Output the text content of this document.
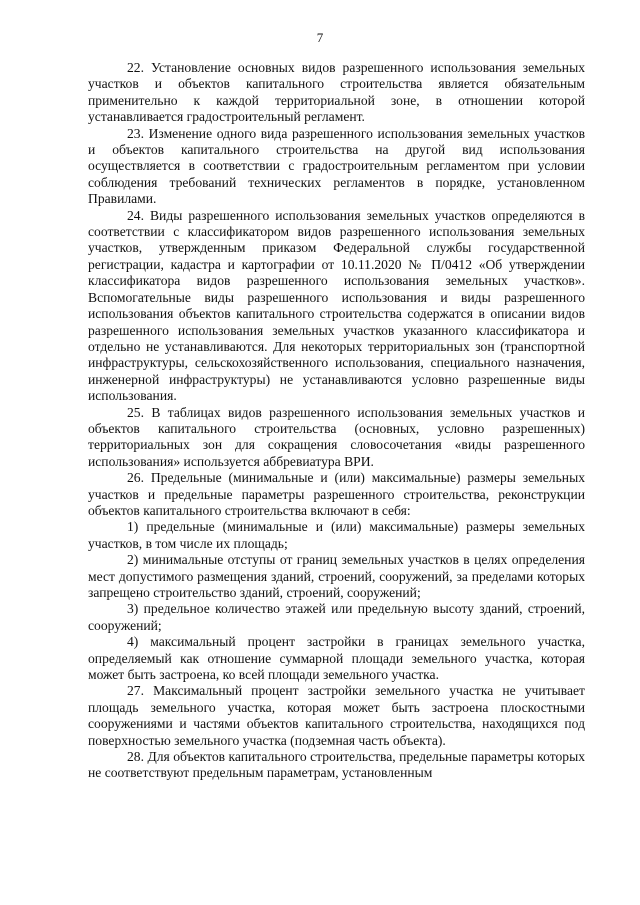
7

22. Установление основных видов разрешенного использования земельных участков и объектов капитального строительства является обязательным применительно к каждой территориальной зоне, в отношении которой устанавливается градостроительный регламент.

23. Изменение одного вида разрешенного использования земельных участков и объектов капитального строительства на другой вид использования осуществляется в соответствии с градостроительным регламентом при условии соблюдения требований технических регламентов в порядке, установленном Правилами.

24. Виды разрешенного использования земельных участков определяются в соответствии с классификатором видов разрешенного использования земельных участков, утвержденным приказом Федеральной службы государственной регистрации, кадастра и картографии от 10.11.2020 № П/0412 «Об утверждении классификатора видов разрешенного использования земельных участков». Вспомогательные виды разрешенного использования и виды разрешенного использования объектов капитального строительства содержатся в описании видов разрешенного использования земельных участков указанного классификатора и отдельно не устанавливаются. Для некоторых территориальных зон (транспортной инфраструктуры, сельскохозяйственного использования, специального назначения, инженерной инфраструктуры) не устанавливаются условно разрешенные виды использования.

25. В таблицах видов разрешенного использования земельных участков и объектов капитального строительства (основных, условно разрешенных) территориальных зон для сокращения словосочетания «виды разрешенного использования» используется аббревиатура ВРИ.

26. Предельные (минимальные и (или) максимальные) размеры земельных участков и предельные параметры разрешенного строительства, реконструкции объектов капитального строительства включают в себя:

1) предельные (минимальные и (или) максимальные) размеры земельных участков, в том числе их площадь;

2) минимальные отступы от границ земельных участков в целях определения мест допустимого размещения зданий, строений, сооружений, за пределами которых запрещено строительство зданий, строений, сооружений;

3) предельное количество этажей или предельную высоту зданий, строений, сооружений;

4) максимальный процент застройки в границах земельного участка, определяемый как отношение суммарной площади земельного участка, которая может быть застроена, ко всей площади земельного участка.

27. Максимальный процент застройки земельного участка не учитывает площадь земельного участка, которая может быть застроена плоскостными сооружениями и частями объектов капитального строительства, находящихся под поверхностью земельного участка (подземная часть объекта).

28. Для объектов капитального строительства, предельные параметры которых не соответствуют предельным параметрам, установленным
